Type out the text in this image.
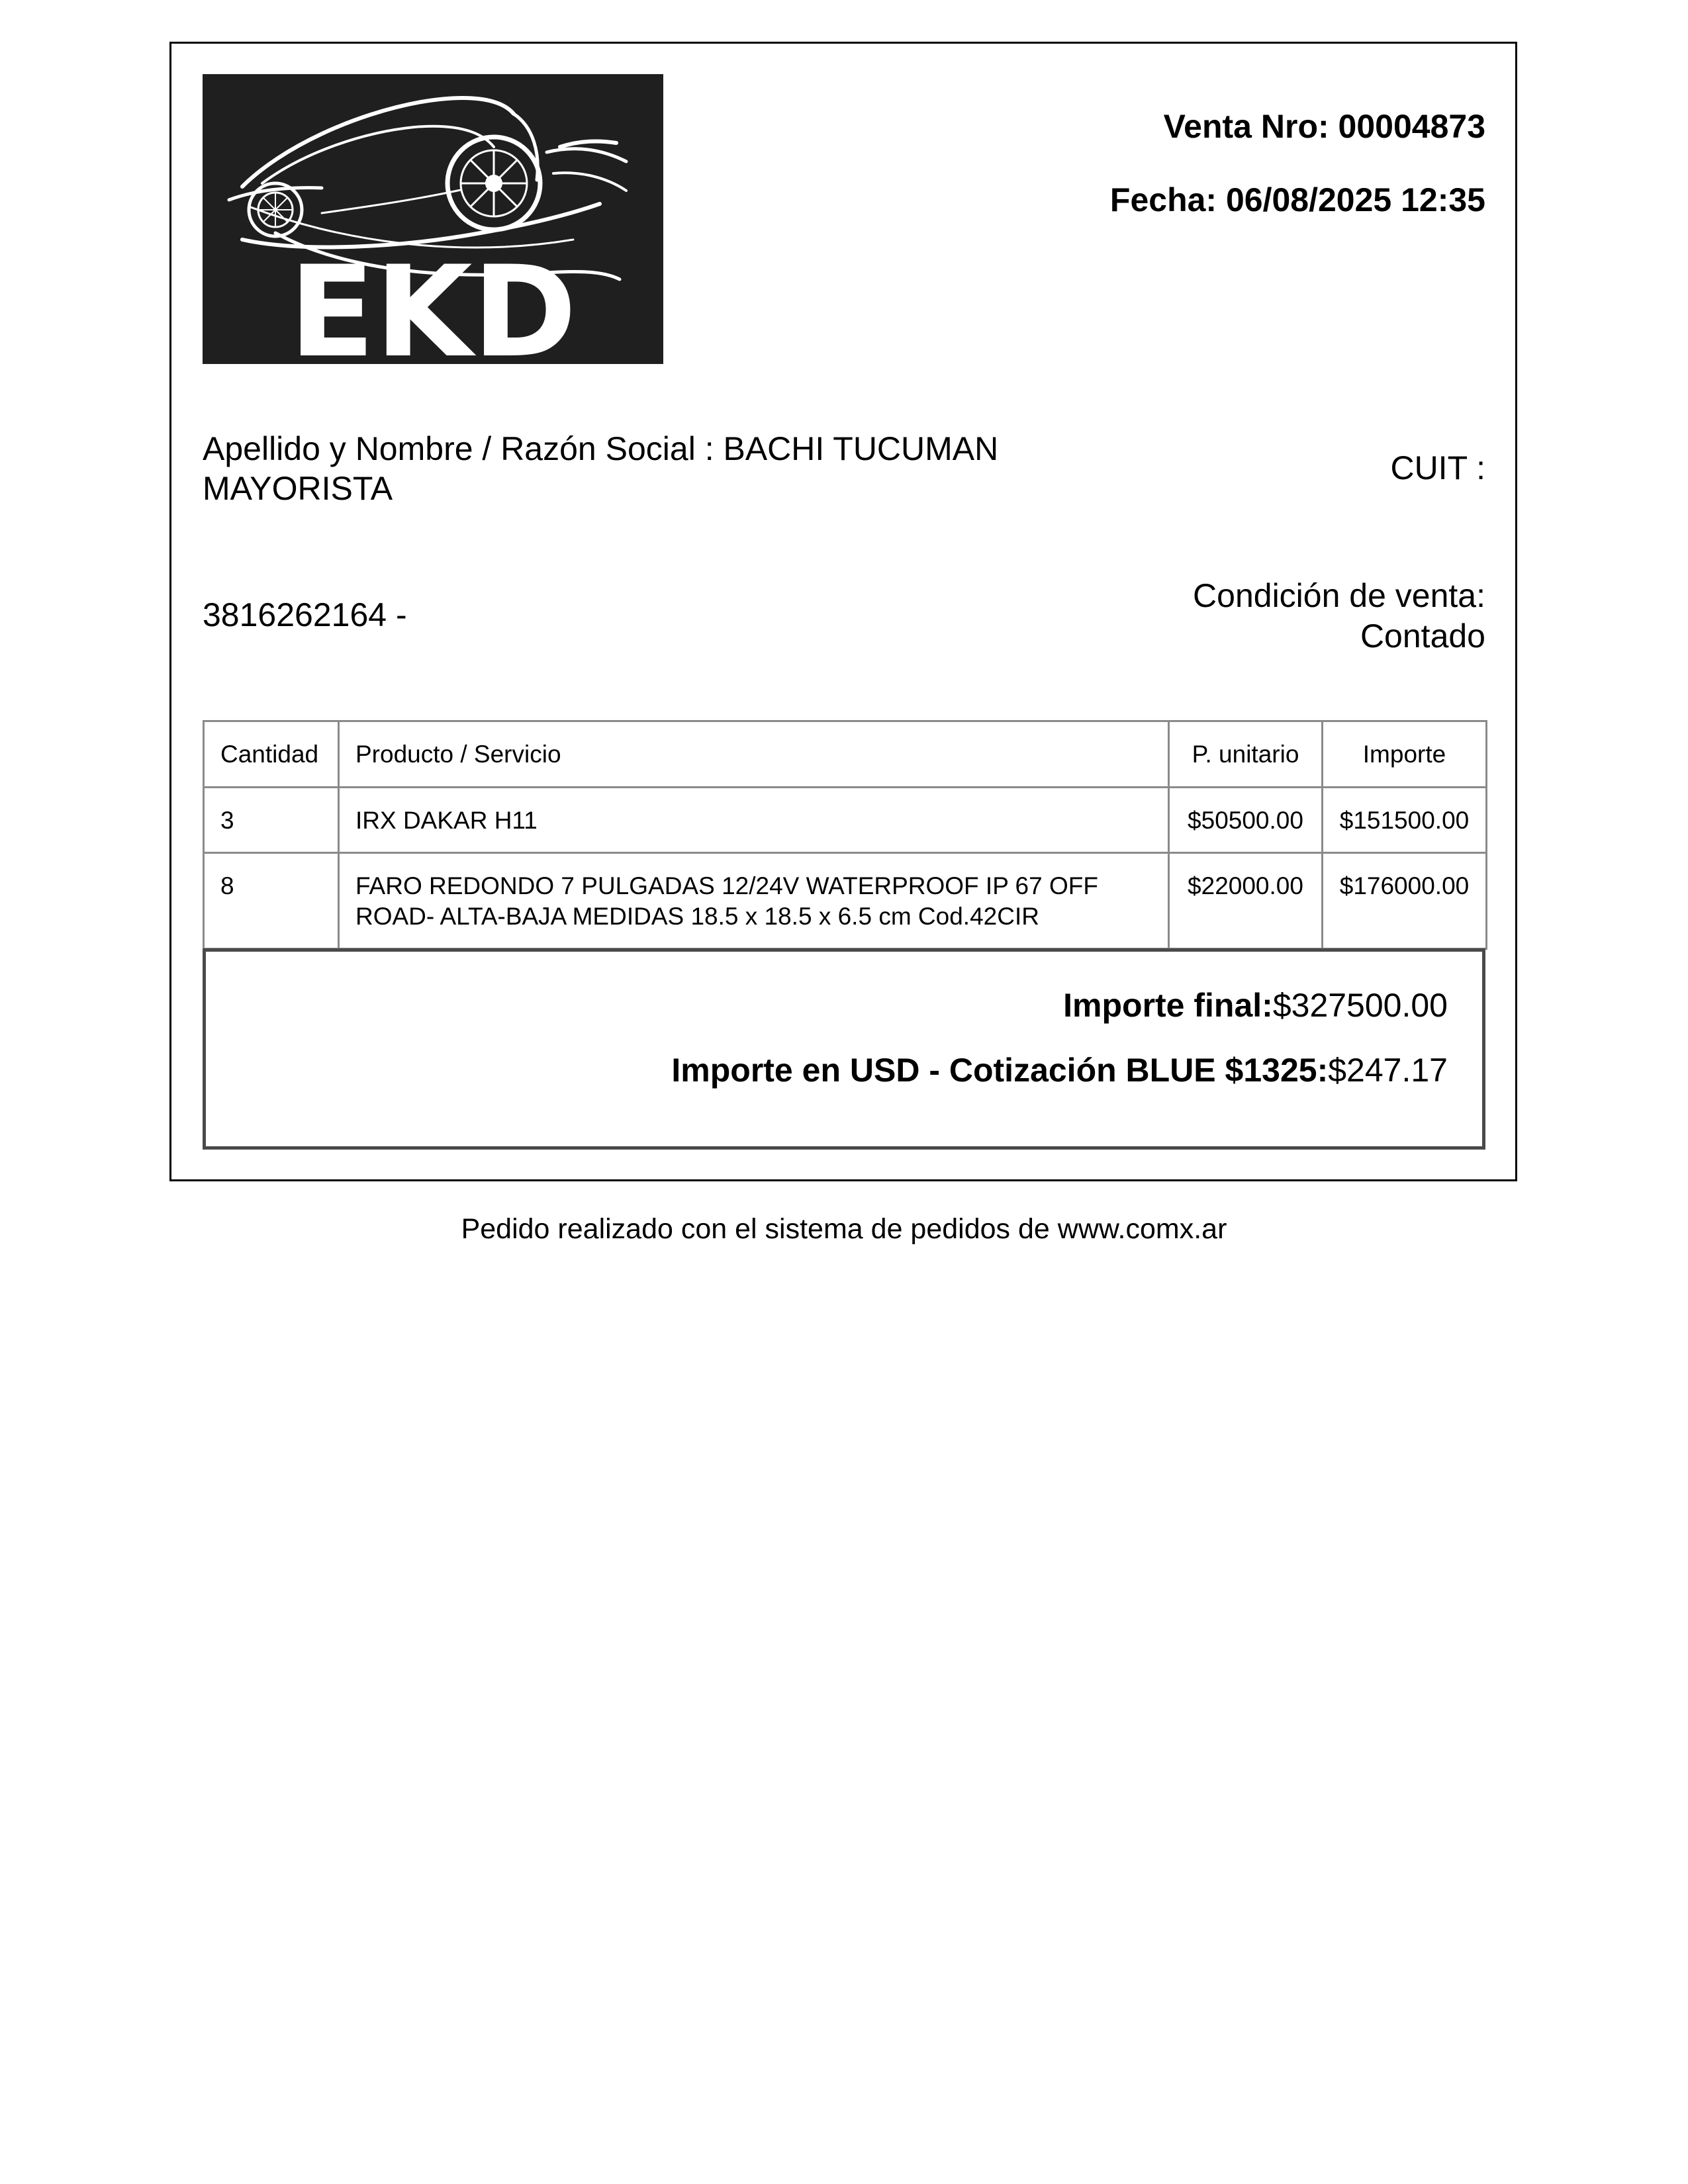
EKD
Venta Nro: 00004873
Fecha: 06/08/2025 12:35
Apellido y Nombre / Razón Social : BACHI TUCUMAN
MAYORISTA
CUIT :
3816262164 -
Condición de venta:
Contado
Cantidad	Producto / Servicio	P. unitario	Importe
3	IRX DAKAR H11	$50500.00	$151500.00
8	FARO REDONDO 7 PULGADAS 12/24V WATERPROOF IP 67 OFF ROAD- ALTA-BAJA MEDIDAS 18.5 x 18.5 x 6.5 cm Cod.42CIR	$22000.00	$176000.00
Importe final:$327500.00
Importe en USD - Cotización BLUE $1325:$247.17
Pedido realizado con el sistema de pedidos de www.comx.ar
